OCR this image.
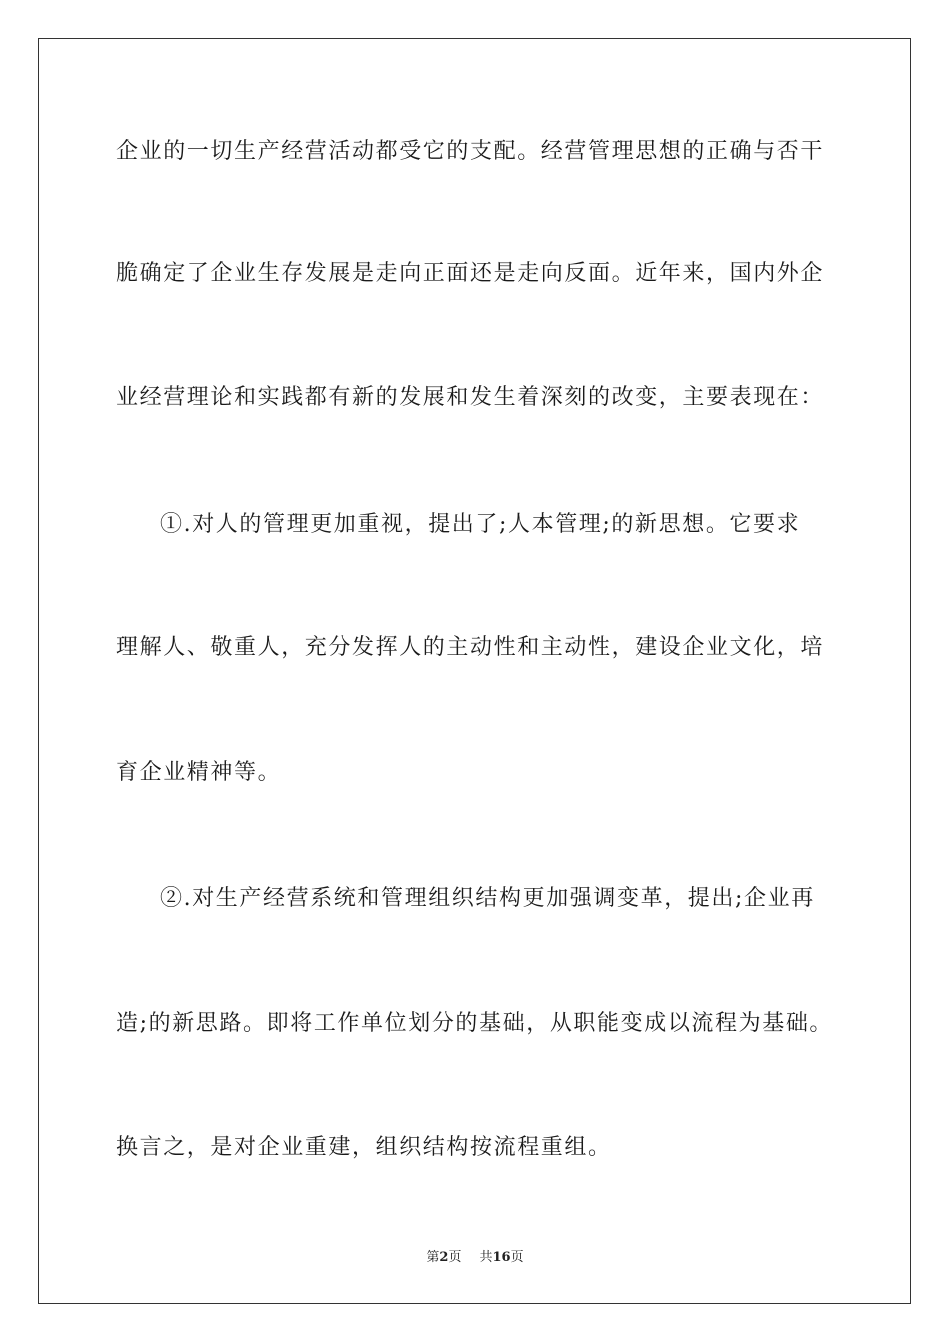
企业的一切生产经营活动都受它的支配。经营管理思想的正确与否干
脆确定了企业生存发展是走向正面还是走向反面。近年来，国内外企
业经营理论和实践都有新的发展和发生着深刻的改变，主要表现在：
①.对人的管理更加重视，提出了;人本管理;的新思想。它要求
理解人、敬重人，充分发挥人的主动性和主动性，建设企业文化，培
育企业精神等。
②.对生产经营系统和管理组织结构更加强调变革，提出;企业再
造;的新思路。即将工作单位划分的基础，从职能变成以流程为基础。
换言之，是对企业重建，组织结构按流程重组。
第2页 共16页
